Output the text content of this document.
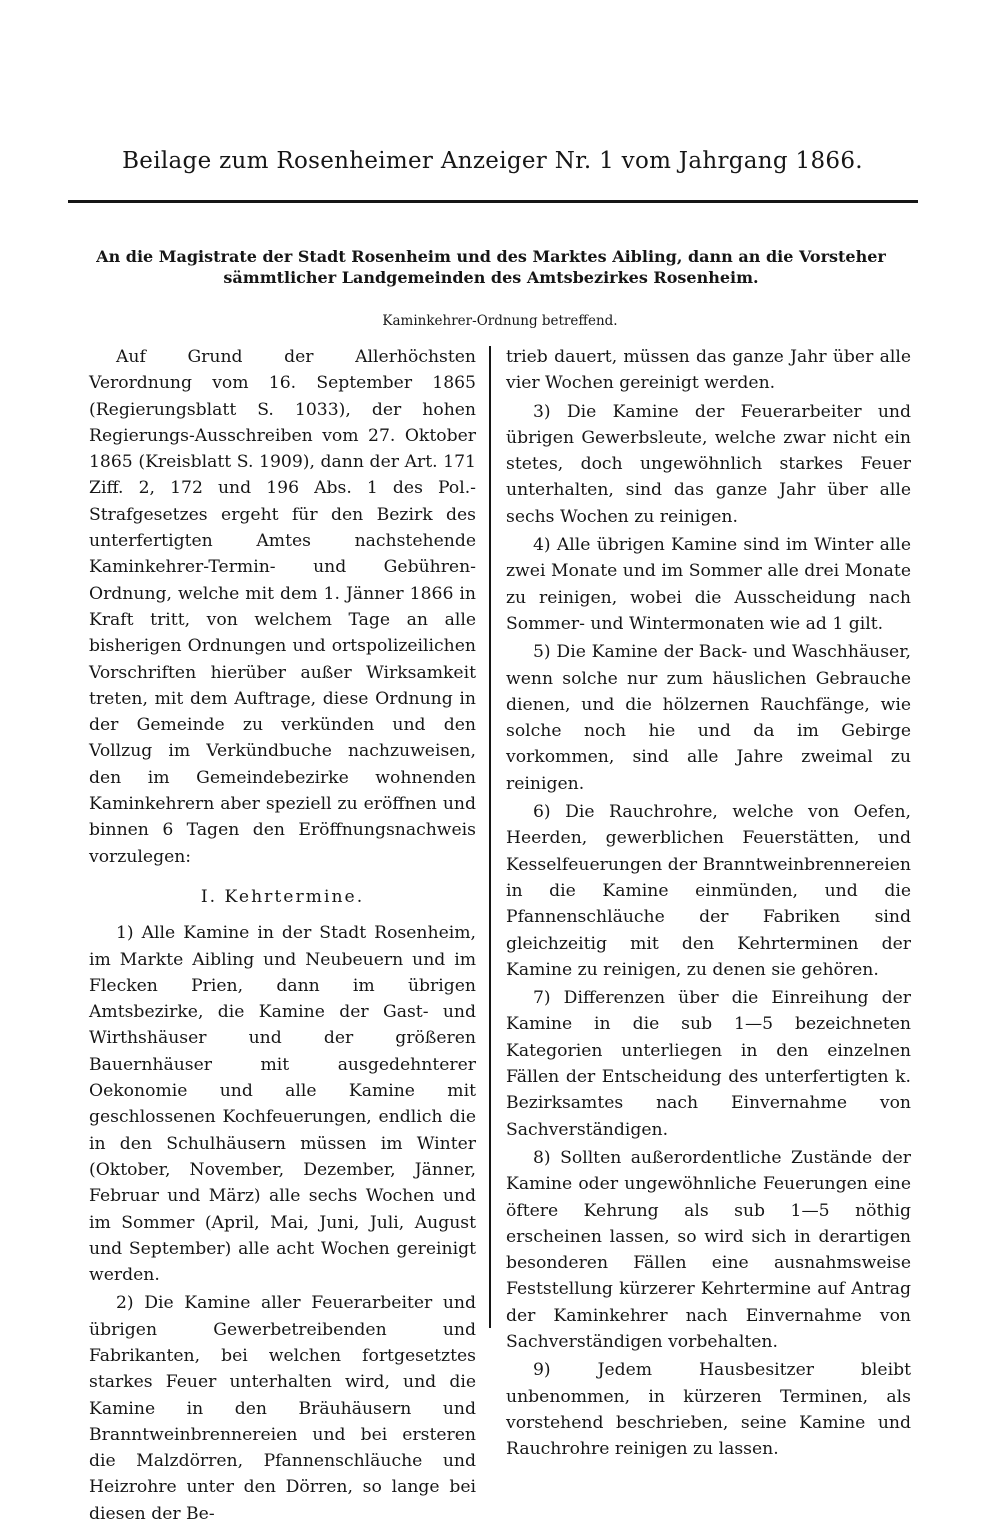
Beilage zum Rosenheimer Anzeiger Nr. 1 vom Jahrgang 1866.
An die Magistrate der Stadt Rosenheim und des Marktes Aibling, dann an die Vorsteher sämmtlicher Landgemeinden des Amtsbezirkes Rosenheim.
Kaminkehrer-Ordnung betreffend.

Auf Grund der Allerhöchsten Verordnung vom 16. September 1865 (Regierungsblatt S. 1033), der hohen Regierungs-Ausschreiben vom 27. Oktober 1865 (Kreisblatt S. 1909), dann der Art. 171 Ziff. 2, 172 und 196 Abs. 1 des Pol.-Strafgesetzes ergeht für den Bezirk des unterfertigten Amtes nachstehende Kaminkehrer-Termin- und Gebühren-Ordnung, welche mit dem 1. Jänner 1866 in Kraft tritt, von welchem Tage an alle bisherigen Ordnungen und ortspolizeilichen Vorschriften hierüber außer Wirksamkeit treten, mit dem Auftrage, diese Ordnung in der Gemeinde zu verkünden und den Vollzug im Verkündbuche nachzuweisen, den im Gemeindebezirke wohnenden Kaminkehrern aber speziell zu eröffnen und binnen 6 Tagen den Eröffnungsnachweis vorzulegen:

I. Kehrtermine.

1) Alle Kamine in der Stadt Rosenheim, im Markte Aibling und Neubeuern und im Flecken Prien, dann im übrigen Amtsbezirke, die Kamine der Gast- und Wirthshäuser und der größeren Bauernhäuser mit ausgedehnterer Oekonomie und alle Kamine mit geschlossenen Kochfeuerungen, endlich die in den Schulhäusern müssen im Winter (Oktober, November, Dezember, Jänner, Februar und März) alle sechs Wochen und im Sommer (April, Mai, Juni, Juli, August und September) alle acht Wochen gereinigt werden.

2) Die Kamine aller Feuerarbeiter und übrigen Gewerbetreibenden und Fabrikanten, bei welchen fortgesetztes starkes Feuer unterhalten wird, und die Kamine in den Bräuhäusern und Branntweinbrennereien und bei ersteren die Malzdörren, Pfannenschläuche und Heizrohre unter den Dörren, so lange bei diesen der Be-

trieb dauert, müssen das ganze Jahr über alle vier Wochen gereinigt werden.

3) Die Kamine der Feuerarbeiter und übrigen Gewerbsleute, welche zwar nicht ein stetes, doch ungewöhnlich starkes Feuer unterhalten, sind das ganze Jahr über alle sechs Wochen zu reinigen.

4) Alle übrigen Kamine sind im Winter alle zwei Monate und im Sommer alle drei Monate zu reinigen, wobei die Ausscheidung nach Sommer- und Wintermonaten wie ad 1 gilt.

5) Die Kamine der Back- und Waschhäuser, wenn solche nur zum häuslichen Gebrauche dienen, und die hölzernen Rauchfänge, wie solche noch hie und da im Gebirge vorkommen, sind alle Jahre zweimal zu reinigen.

6) Die Rauchrohre, welche von Oefen, Heerden, gewerblichen Feuerstätten, und Kesselfeuerungen der Branntweinbrennereien in die Kamine einmünden, und die Pfannenschläuche der Fabriken sind gleichzeitig mit den Kehrterminen der Kamine zu reinigen, zu denen sie gehören.

7) Differenzen über die Einreihung der Kamine in die sub 1—5 bezeichneten Kategorien unterliegen in den einzelnen Fällen der Entscheidung des unterfertigten k. Bezirksamtes nach Einvernahme von Sachverständigen.

8) Sollten außerordentliche Zustände der Kamine oder ungewöhnliche Feuerungen eine öftere Kehrung als sub 1—5 nöthig erscheinen lassen, so wird sich in derartigen besonderen Fällen eine ausnahmsweise Feststellung kürzerer Kehrtermine auf Antrag der Kaminkehrer nach Einvernahme von Sachverständigen vorbehalten.

9) Jedem Hausbesitzer bleibt unbenommen, in kürzeren Terminen, als vorstehend beschrieben, seine Kamine und Rauchrohre reinigen zu lassen.
